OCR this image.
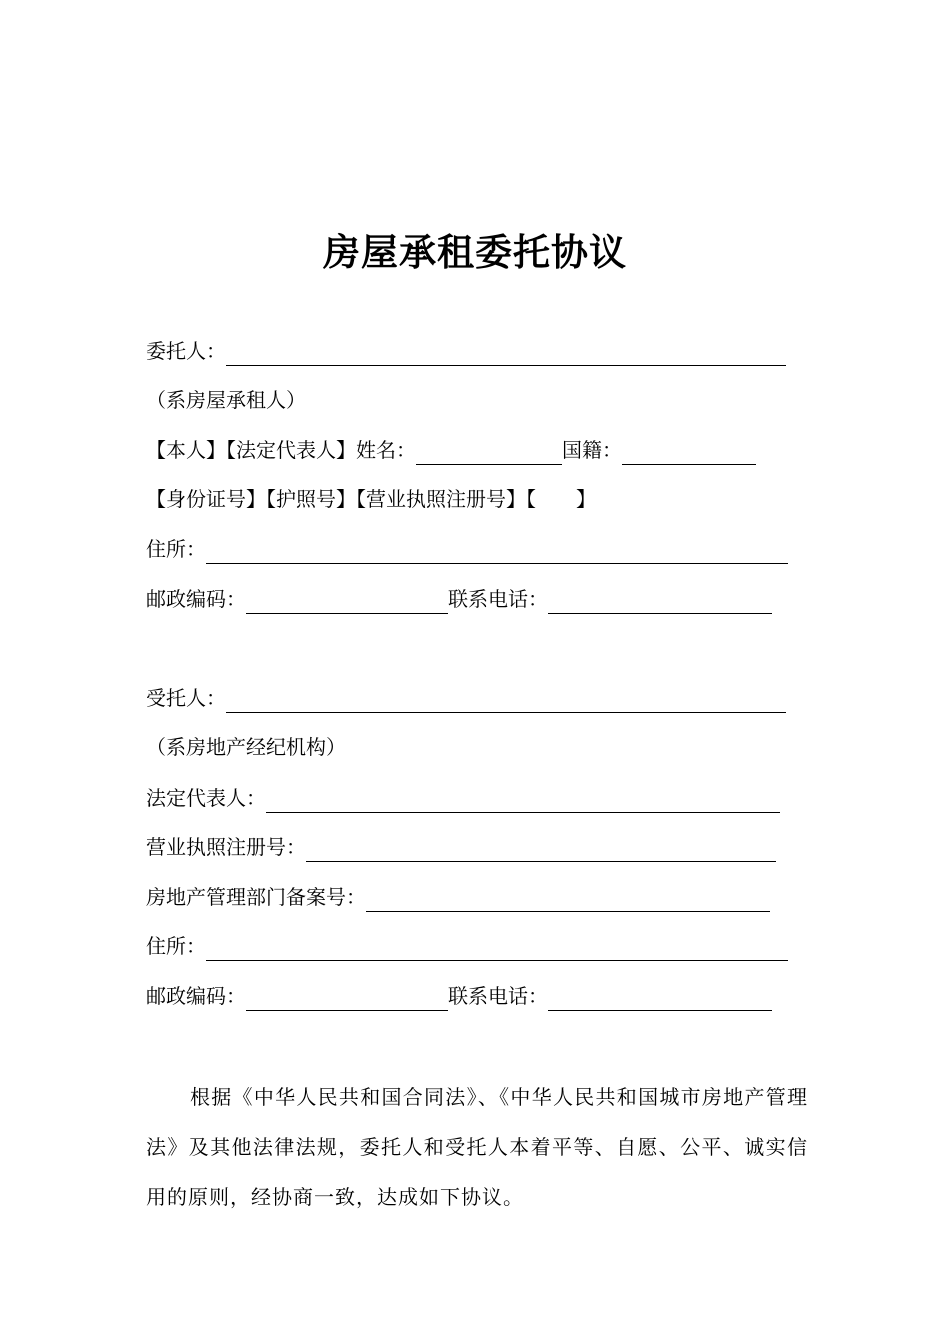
房屋承租委托协议
委托人：
（系房屋承租人）
【本人】【法定代表人】姓名：	国籍：
【身份证号】【护照号】【营业执照注册号】【　　】
住所：
邮政编码：	联系电话：
受托人：
（系房地产经纪机构）
法定代表人：
营业执照注册号：
房地产管理部门备案号：
住所：
邮政编码：	联系电话：
根据《中华人民共和国合同法》、《中华人民共和国城市房地产管理法》及其他法律法规，委托人和受托人本着平等、自愿、公平、诚实信用的原则，经协商一致，达成如下协议。
